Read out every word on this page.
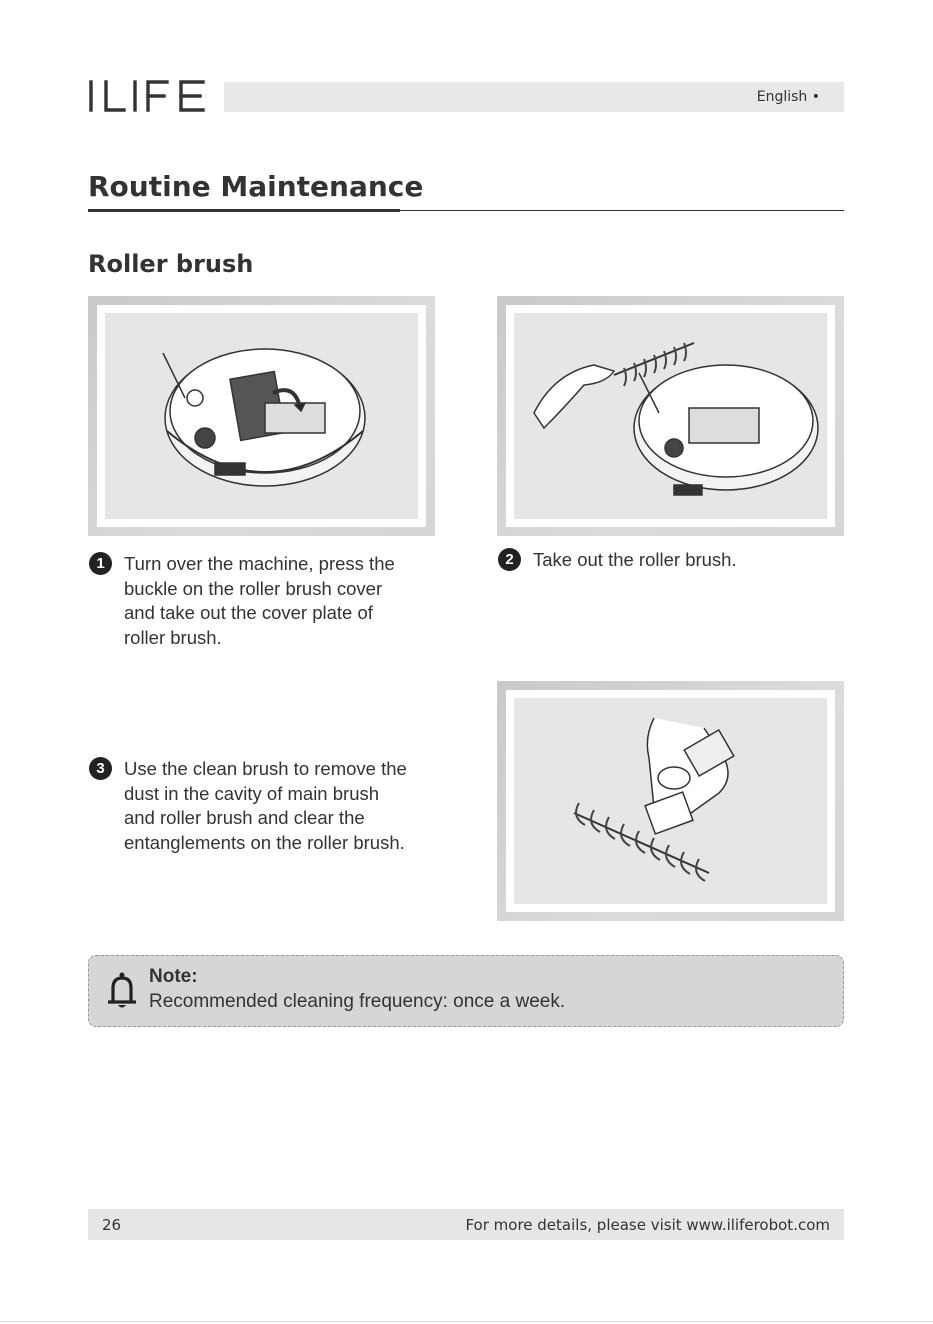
English •
Routine Maintenance
Roller brush
1	Turn over the machine, press the
buckle on the roller brush cover
and take out the cover plate of
roller brush.
2	Take out the roller brush.
3	Use the clean brush to remove the
dust in the cavity of main brush
and roller brush and clear the
entanglements on the roller brush.
Note:
Recommended cleaning frequency: once a week.
26	For more details, please visit www.iliferobot.com
